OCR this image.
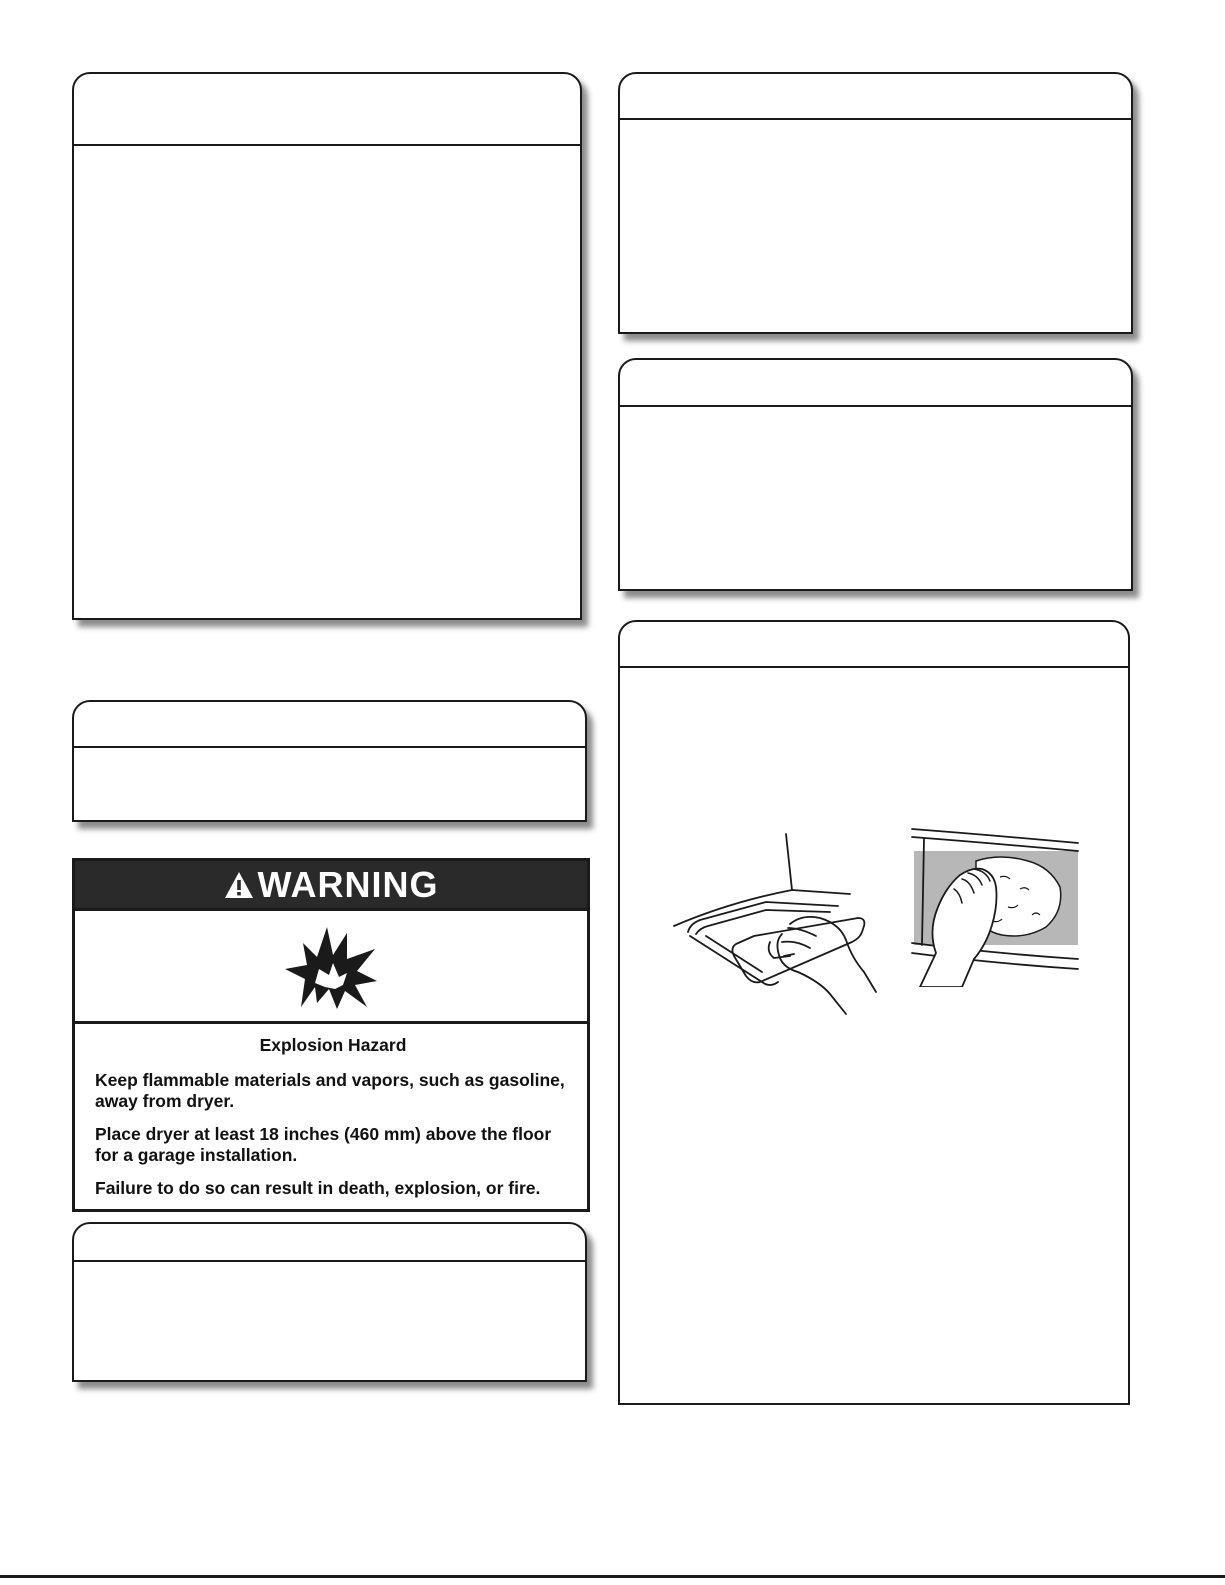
WARNING
Explosion Hazard

Keep flammable materials and vapors, such as gasoline, away from dryer.

Place dryer at least 18 inches (460 mm) above the floor for a garage installation.

Failure to do so can result in death, explosion, or fire.
